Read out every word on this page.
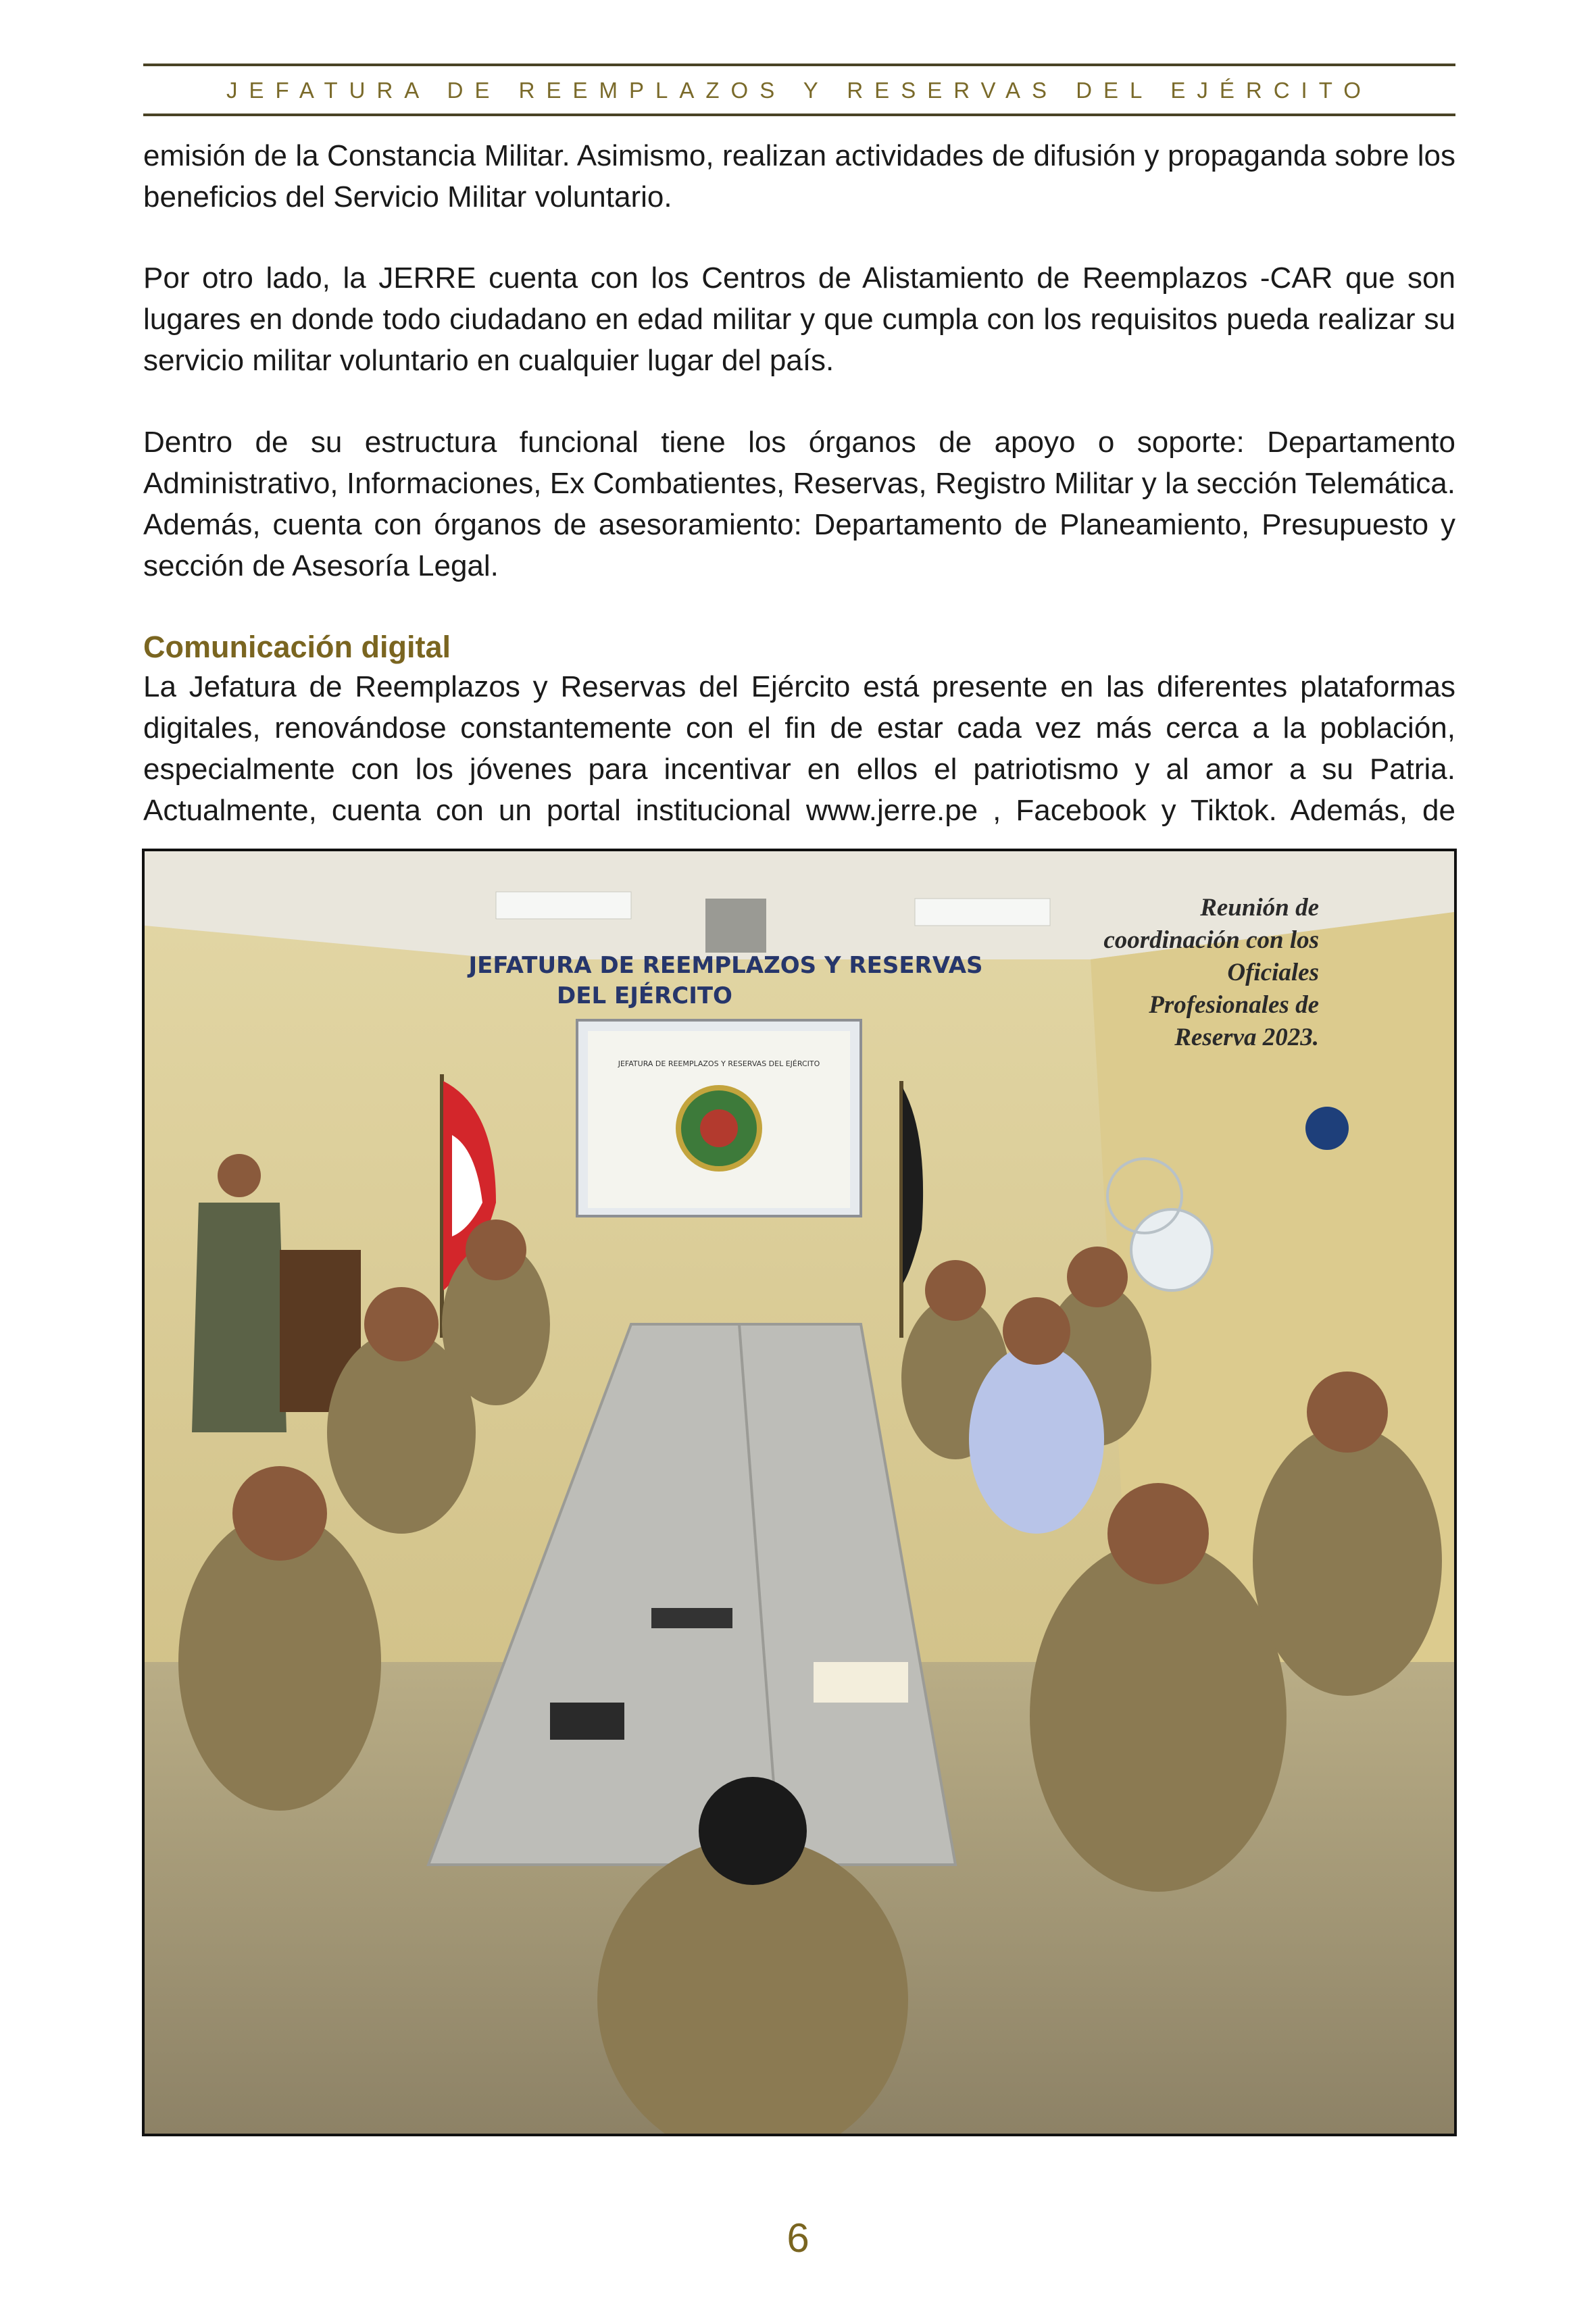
JEFATURA DE REEMPLAZOS Y RESERVAS DEL EJÉRCITO

emisión de la Constancia Militar. Asimismo, realizan actividades de difusión y propaganda sobre los beneficios del Servicio Militar voluntario.

Por otro lado, la JERRE cuenta con los Centros de Alistamiento de Reemplazos -CAR que son lugares en donde todo ciudadano en edad militar y que cumpla con los requisitos pueda realizar su servicio militar voluntario en cualquier lugar del país.

Dentro de su estructura funcional tiene los órganos de apoyo o soporte: Departamento Administrativo, Informaciones, Ex Combatientes, Reservas, Registro Militar y la sección Telemática. Además, cuenta con órganos de asesoramiento: Departamento de Planeamiento, Presupuesto y sección de Asesoría Legal.

Comunicación digital

La Jefatura de Reemplazos y Reservas del Ejército está presente en las diferentes plataformas digitales, renovándose constantemente con el fin de estar cada vez más cerca a la población, especialmente con los jóvenes para incentivar en ellos el patriotismo y al amor a su Patria. Actualmente, cuenta con un portal institucional www.jerre.pe , Facebook y Tiktok. Además, de

JEFATURA DE REEMPLAZOS Y RESERVAS
DEL EJÉRCITO
JEFATURA DE REEMPLAZOS Y RESERVAS DEL EJÉRCITO
Reunión de coordinación con los Oficiales Profesionales de Reserva 2023.
6
